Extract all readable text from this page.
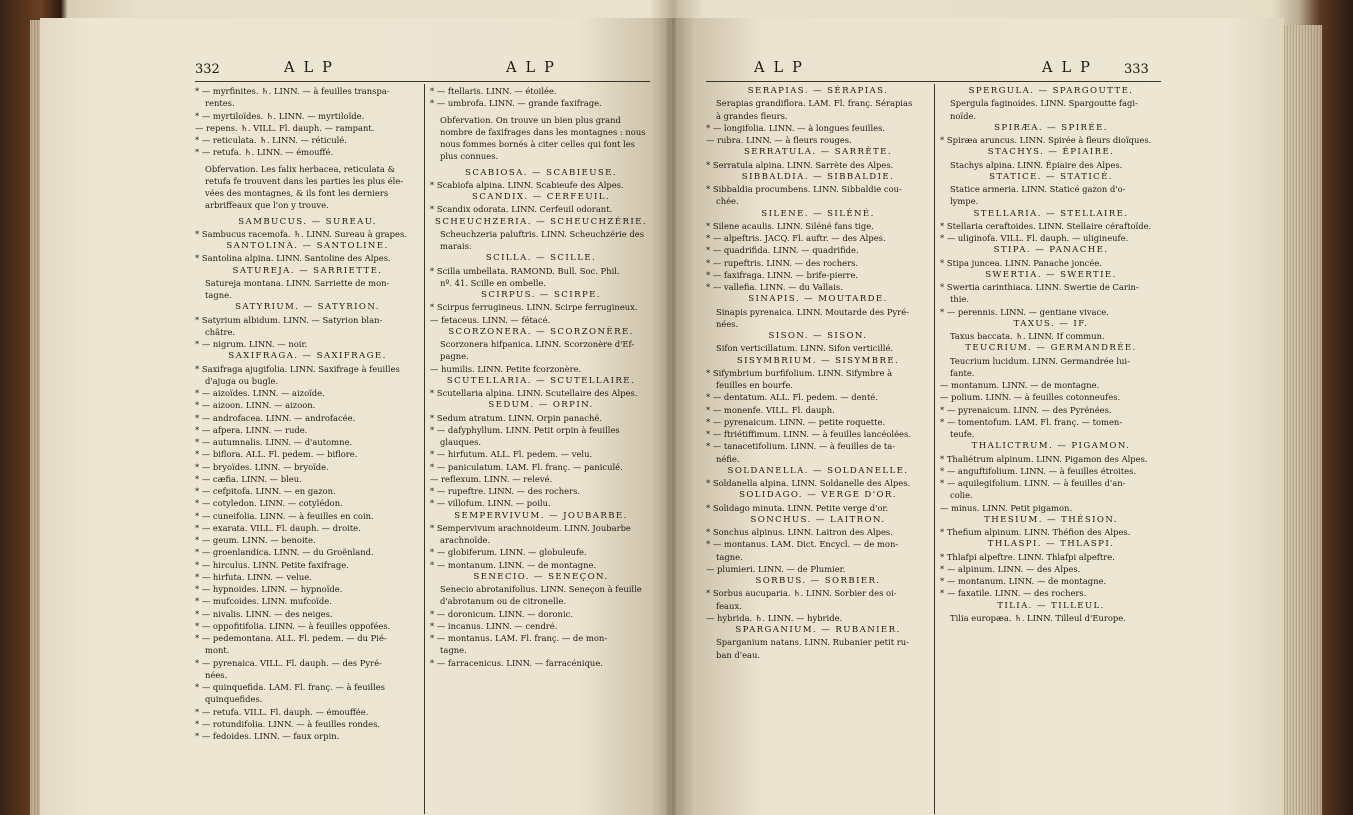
332	ALP	ALP

* — myrfinites. ♄. LINN. — à feuilles transpa-

rentes.

* — myrtiloïdes. ♄. LINN. — myrtiloïde.

— repens. ♄. VILL. Fl. dauph. — rampant.

* — reticulata. ♄. LINN. — réticulé.

* — retufa. ♄. LINN. — émouffé.

Obfervation. Les falix herbacea, reticulata &

retufa fe trouvent dans les parties les plus éle-

vées des montagnes, & ils font les derniers

arbriffeaux que l'on y trouve.

SAMBUCUS. — SUREAU.

* Sambucus racemofa. ♄. LINN. Sureau à grapes.

SANTOLINA. — SANTOLINE.

* Santolina alpina. LINN. Santoline des Alpes.

SATUREJA. — SARRIETTE.

Satureja montana. LINN. Sarriette de mon-

tagne.

SATYRIUM. — SATYRION.

* Satyrium albidum. LINN. — Satyrion blan-

châtre.

* — nigrum. LINN. — noir.

SAXIFRAGA. — SAXIFRAGE.

* Saxifraga ajugifolia. LINN. Saxifrage à feuilles

d'ajuga ou bugle.

* — aizoïdes. LINN. — aizoïde.

* — aizoon. LINN. — aizoon.

* — androfacea. LINN. — androfacée.

* — afpera. LINN. — rude.

* — autumnalis. LINN. — d'automne.

* — biflora. ALL. Fl. pedem. — biflore.

* — bryoïdes. LINN. — bryoïde.

* — cæfia. LINN. — bleu.

* — cefpitofa. LINN. — en gazon.

* — cotyledon. LINN. — cotylédon.

* — cuneifolia. LINN. — à feuilles en coin.

* — exarata. VILL. Fl. dauph. — droite.

* — geum. LINN. — benoite.

* — groenlandica. LINN. — du Groënland.

* — hirculus. LINN. Petite faxifrage.

* — hirfuta. LINN. — velue.

* — hypnoides. LINN. — hypnoïde.

* — mufcoides. LINN. mufcoïde.

* — nivalis. LINN. — des neiges.

* — oppofitifolia. LINN. — à feuilles oppofées.

* — pedemontana. ALL. Fl. pedem. — du Pié-

mont.

* — pyrenaica. VILL. Fl. dauph. — des Pyré-

nées.

* — quinquefida. LAM. Fl. franç. — à feuilles

quinquefides.

* — retufa. VILL. Fl. dauph. — émouffée.

* — rotundifolia. LINN. — à feuilles rondes.

* — fedoides. LINN. — faux orpin.

* — ftellaris. LINN. — étoilée.

* — umbrofa. LINN. — grande faxifrage.

Obfervation. On trouve un bien plus grand

nombre de faxifrages dans les montagnes : nous

nous fommes bornés à citer celles qui font les

plus connues.

SCABIOSA. — SCABIEUSE.

* Scabiofa alpina. LINN. Scabieufe des Alpes.

SCANDIX. — CERFEUIL.

* Scandix odorata. LINN. Cerfeuil odorant.

SCHEUCHZERIA. — SCHEUCHZÉRIE.

Scheuchzeria paluftris. LINN. Scheuchzérie des

marais.

SCILLA. — SCILLE.

* Scilla umbellata. RAMOND. Bull. Soc. Phil.

nº. 41. Scille en ombelle.

SCIRPUS. — SCIRPE.

* Scirpus ferrugineus. LINN. Scirpe ferrugineux.

— fetaceus. LINN. — fétacé.

SCORZONERA. — SCORZONÈRE.

Scorzonera hifpanica. LINN. Scorzonère d'Ef-

pagne.

— humilis. LINN. Petite fcorzonère.

SCUTELLARIA. — SCUTELLAIRE.

* Scutellaria alpina. LINN. Scutellaire des Alpes.

SEDUM. — ORPIN.

* Sedum atratum. LINN. Orpin panaché.

* — dafyphyllum. LINN. Petit orpin à feuilles

glauques.

* — hirfutum. ALL. Fl. pedem. — velu.

* — paniculatum. LAM. Fl. franç. — paniculé.

— reflexum. LINN. — relevé.

* — rupeftre. LINN. — des rochers.

* — villofum. LINN. — poilu.

SEMPERVIVUM. — JOUBARBE.

* Sempervivum arachnoideum. LINN. Joubarbe

arachnoïde.

* — globiferum. LINN. — globuleufe.

* — montanum. LINN. — de montagne.

SENECIO. — SENEÇON.

Senecio abrotanifolius. LINN. Seneçon à feuille

d'abrotanum ou de citronelle.

* — doronicum. LINN. — doronic.

* — incanus. LINN. — cendré.

* — montanus. LAM. Fl. franç. — de mon-

tagne.

* — farracenicus. LINN. — farracénique.

ALP	ALP 333

SERAPIAS. — SÉRAPIAS.

Serapias grandiflora. LAM. Fl. franç. Sérapias

à grandes fleurs.

* — longifolia. LINN. — à longues feuilles.

— rubra. LINN. — à fleurs rouges.

SERRATULA. — SARRÈTE.

* Serratula alpina. LINN. Sarrète des Alpes.

SIBBALDIA. — SIBBALDIE.

* Sibbaldia procumbens. LINN. Sibbaldie cou-

chée.

SILENE. — SILÉNÉ.

* Silene acaulis. LINN. Siléné fans tige.

* — alpeftris. JACQ. Fl. auftr. — des Alpes.

* — quadrifida. LINN. — quadrifide.

* — rupeftris. LINN. — des rochers.

* — faxifraga. LINN. — brife-pierre.

* — vallefia. LINN. — du Vallais.

SINAPIS. — MOUTARDE.

Sinapis pyrenaica. LINN. Moutarde des Pyré-

nées.

SISON. — SISON.

Sifon verticillatum. LINN. Sifon verticillé.

SISYMBRIUM. — SISYMBRE.

* Sifymbrium burfifolium. LINN. Sifymbre à

feuilles en bourfe.

* — dentatum. ALL. Fl. pedem. — denté.

* — monenfe. VILL. Fl. dauph.

* — pyrenaicum. LINN. — petite roquette.

* — ftriétiffimum. LINN. — à feuilles lancéolées.

* — tanacetifolium. LINN. — à feuilles de ta-

néfie.

SOLDANELLA. — SOLDANELLE.

* Soldanella alpina. LINN. Soldanelle des Alpes.

SOLIDAGO. — VERGE D'OR.

* Solidago minuta. LINN. Petite verge d'or.

SONCHUS. — LAITRON.

* Sonchus alpinus. LINN. Laitron des Alpes.

* — montanus. LAM. Dict. Encycl. — de mon-

tagne.

— plumieri. LINN. — de Plumier.

SORBUS. — SORBIER.

* Sorbus aucuparia. ♄. LINN. Sorbier des oi-

feaux.

— hybrida. ♄. LINN. — hybride.

SPARGANIUM. — RUBANIER.

Sparganium natans. LINN. Rubanier petit ru-

ban d'eau.

SPERGULA. — SPARGOUTTE.

Spergula faginoides. LINN. Spargoutte fagi-

noïde.

SPIRÆA. — SPIRÉE.

* Spiræa aruncus. LINN. Spirée à fleurs dioïques.

STACHYS. — ÉPIAIRE.

Stachys alpina. LINN. Épiaire des Alpes.

STATICE. — STATICÉ.

Statice armeria. LINN. Staticé gazon d'o-

lympe.

STELLARIA. — STELLAIRE.

* Stellaria ceraftoides. LINN. Stellaire céraftoïde.

* — uliginofa. VILL. Fl. dauph. — uligineufe.

STIPA. — PANACHE.

* Stipa juncea. LINN. Panache joncée.

SWERTIA. — SWERTIE.

* Swertia carinthiaca. LINN. Swertie de Carin-

thie.

* — perennis. LINN. — gentiane vivace.

TAXUS. — IF.

Taxus baccata. ♄. LINN. If commun.

TEUCRIUM. — GERMANDRÉE.

Teucrium lucidum. LINN. Germandrée lui-

fante.

— montanum. LINN. — de montagne.

— polium. LINN. — à feuilles cotonneufes.

* — pyrenaicum. LINN. — des Pyrénées.

* — tomentofum. LAM. Fl. franç. — tomen-

teufe.

THALICTRUM. — PIGAMON.

* Thaliétrum alpinum. LINN. Pigamon des Alpes.

* — anguftifolium. LINN. — à feuilles étroites.

* — aquilegifolium. LINN. — à feuilles d'an-

colie.

— minus. LINN. Petit pigamon.

THESIUM. — THÉSION.

* Thefium alpinum. LINN. Théfion des Alpes.

THLASPI. — THLASPI.

* Thlafpi alpeftre. LINN. Thlafpi alpeftre.

* — alpinum. LINN. — des Alpes.

* — montanum. LINN. — de montagne.

* — faxatile. LINN. — des rochers.

TILIA. — TILLEUL.

Tilia europæa. ♄. LINN. Tilleul d'Europe.
